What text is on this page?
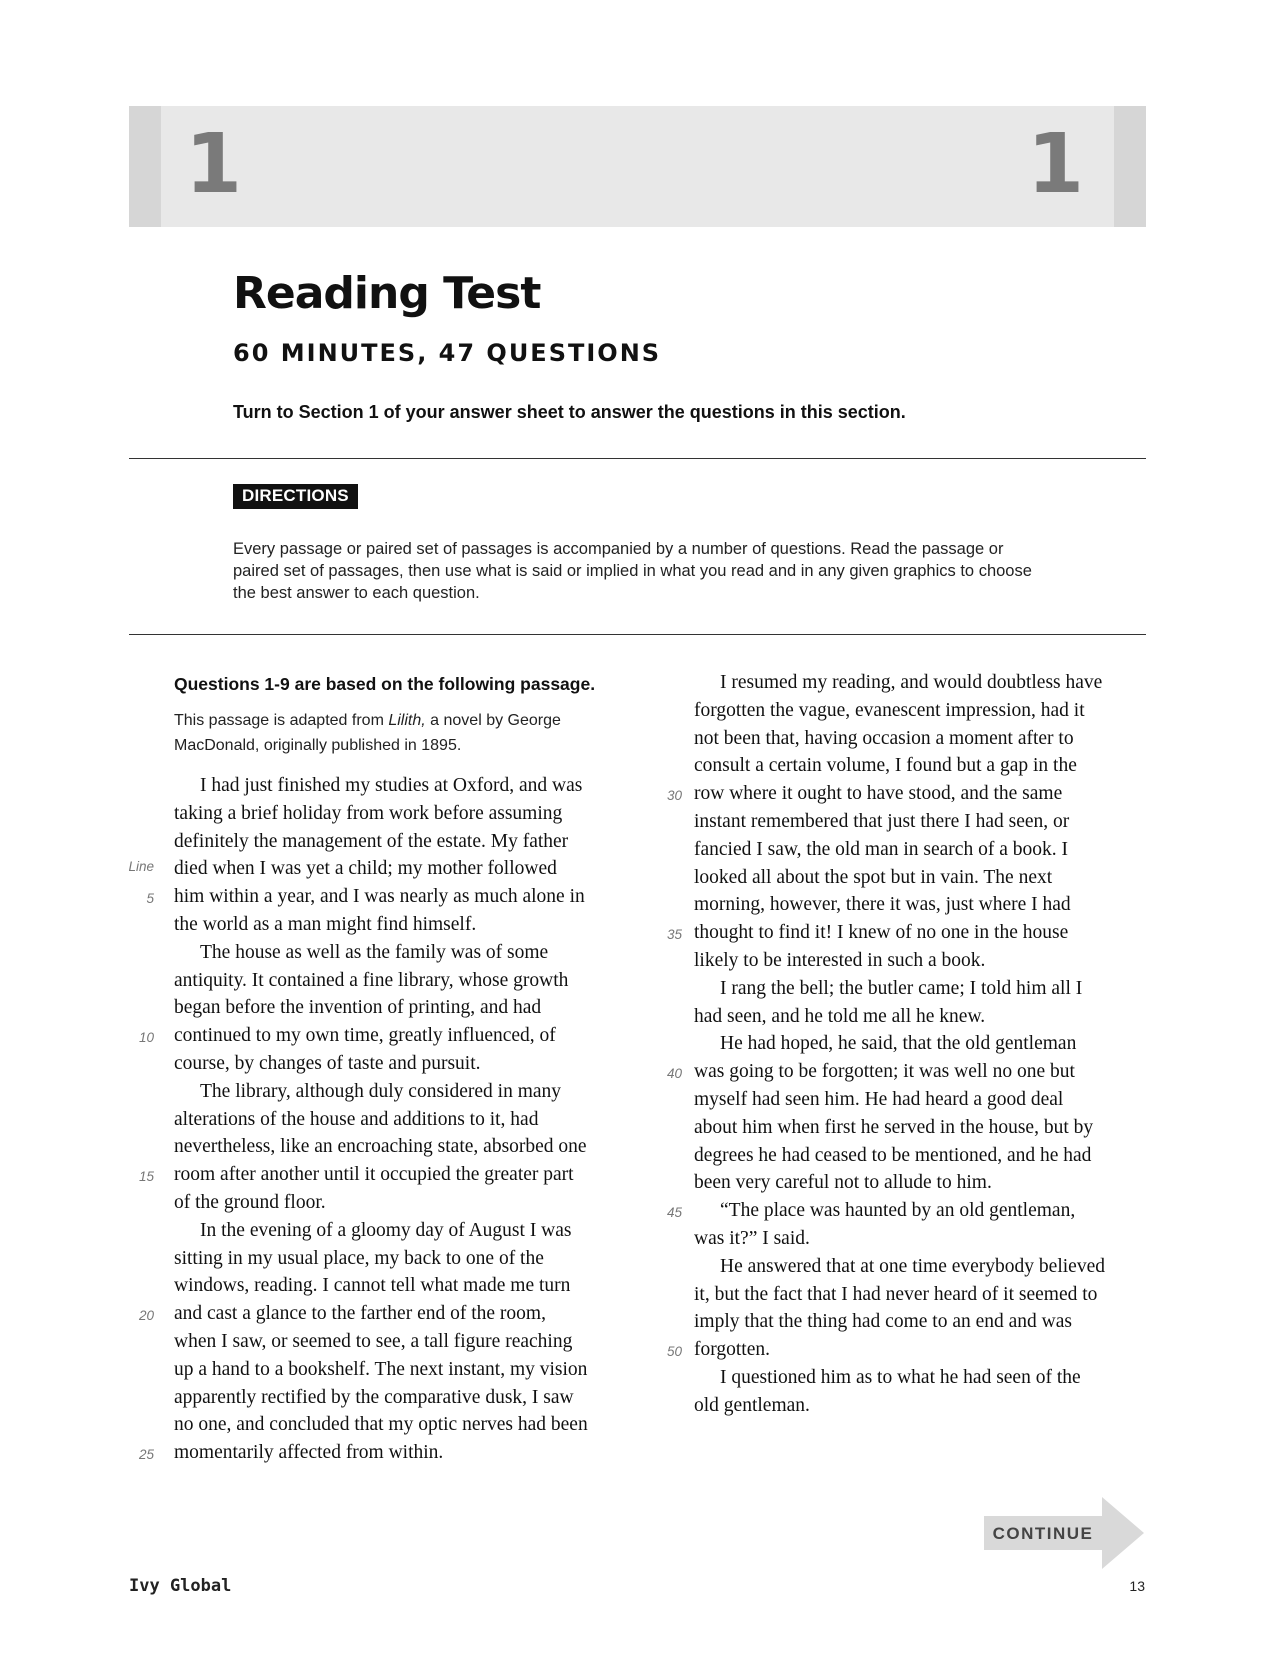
1	1
Reading Test
60 MINUTES, 47 QUESTIONS
Turn to Section 1 of your answer sheet to answer the questions in this section.
DIRECTIONS

Every passage or paired set of passages is accompanied by a number of questions. Read the passage or paired set of passages, then use what is said or implied in what you read and in any given graphics to choose the best answer to each question.

Questions 1-9 are based on the following passage.

This passage is adapted from Lilith, a novel by George MacDonald, originally published in 1895.

I had just finished my studies at Oxford, and was
taking a brief holiday from work before assuming
definitely the management of the estate. My father
died when I was yet a child; my mother followed
him within a year, and I was nearly as much alone in
the world as a man might find himself.
The house as well as the family was of some
antiquity. It contained a fine library, whose growth
began before the invention of printing, and had
continued to my own time, greatly influenced, of
course, by changes of taste and pursuit.
The library, although duly considered in many
alterations of the house and additions to it, had
nevertheless, like an encroaching state, absorbed one
room after another until it occupied the greater part
of the ground floor.
In the evening of a gloomy day of August I was
sitting in my usual place, my back to one of the
windows, reading. I cannot tell what made me turn
and cast a glance to the farther end of the room,
when I saw, or seemed to see, a tall figure reaching
up a hand to a bookshelf. The next instant, my vision
apparently rectified by the comparative dusk, I saw
no one, and concluded that my optic nerves had been
momentarily affected from within.
I resumed my reading, and would doubtless have
forgotten the vague, evanescent impression, had it
not been that, having occasion a moment after to
consult a certain volume, I found but a gap in the
row where it ought to have stood, and the same
instant remembered that just there I had seen, or
fancied I saw, the old man in search of a book. I
looked all about the spot but in vain. The next
morning, however, there it was, just where I had
thought to find it! I knew of no one in the house
likely to be interested in such a book.
I rang the bell; the butler came; I told him all I
had seen, and he told me all he knew.
He had hoped, he said, that the old gentleman
was going to be forgotten; it was well no one but
myself had seen him. He had heard a good deal
about him when first he served in the house, but by
degrees he had ceased to be mentioned, and he had
been very careful not to allude to him.
“The place was haunted by an old gentleman,
was it?” I said.
He answered that at one time everybody believed
it, but the fact that I had never heard of it seemed to
imply that the thing had come to an end and was
forgotten.
I questioned him as to what he had seen of the
old gentleman.
Line
5
10
15
20
25
30
35
40
45
50
CONTINUE
Ivy Global	13
